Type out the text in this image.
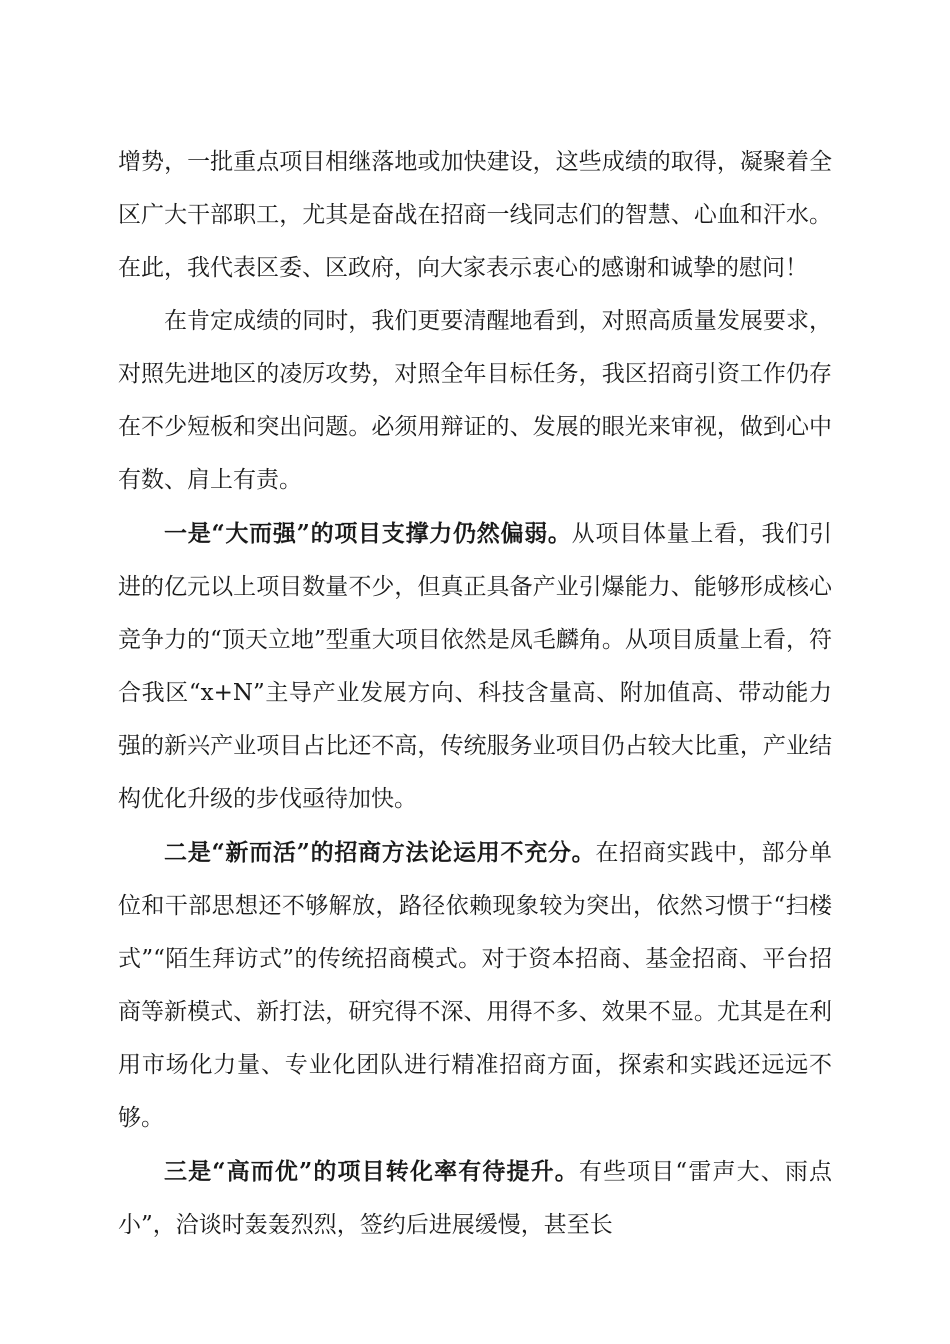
增势，一批重点项目相继落地或加快建设，这些成绩的取得，凝聚着全区广大干部职工，尤其是奋战在招商一线同志们的智慧、心血和汗水。在此，我代表区委、区政府，向大家表示衷心的感谢和诚挚的慰问！

在肯定成绩的同时，我们更要清醒地看到，对照高质量发展要求，对照先进地区的凌厉攻势，对照全年目标任务，我区招商引资工作仍存在不少短板和突出问题。必须用辩证的、发展的眼光来审视，做到心中有数、肩上有责。

一是“大而强”的项目支撑力仍然偏弱。从项目体量上看，我们引进的亿元以上项目数量不少，但真正具备产业引爆能力、能够形成核心竞争力的“顶天立地”型重大项目依然是凤毛麟角。从项目质量上看，符合我区“x+N”主导产业发展方向、科技含量高、附加值高、带动能力强的新兴产业项目占比还不高，传统服务业项目仍占较大比重，产业结构优化升级的步伐亟待加快。

二是“新而活”的招商方法论运用不充分。在招商实践中，部分单位和干部思想还不够解放，路径依赖现象较为突出，依然习惯于“扫楼式”“陌生拜访式”的传统招商模式。对于资本招商、基金招商、平台招商等新模式、新打法，研究得不深、用得不多、效果不显。尤其是在利用市场化力量、专业化团队进行精准招商方面，探索和实践还远远不够。

三是“高而优”的项目转化率有待提升。有些项目“雷声大、雨点小”，洽谈时轰轰烈烈，签约后进展缓慢，甚至长
